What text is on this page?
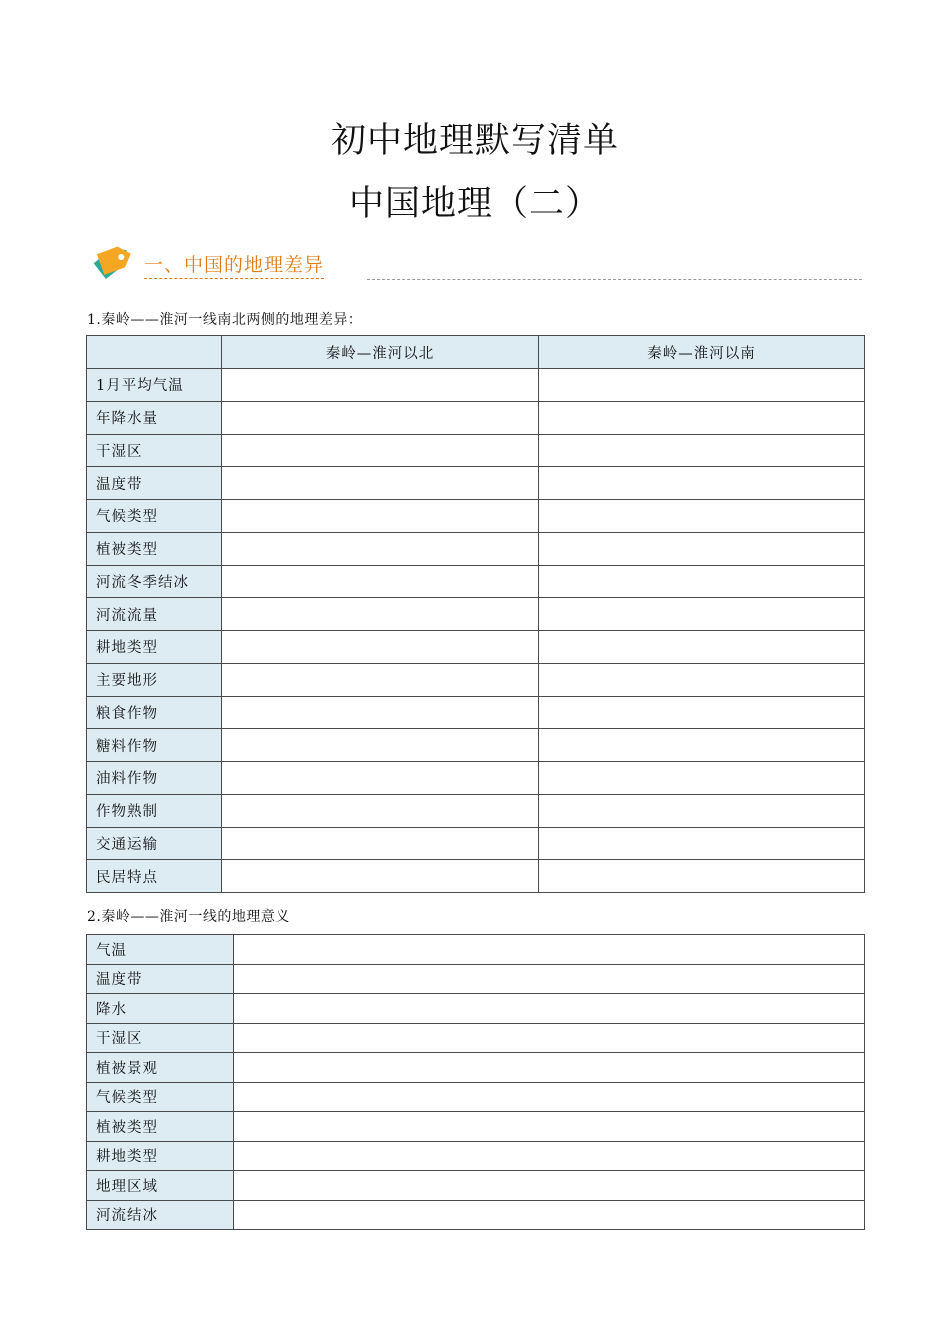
初中地理默写清单
中国地理（二）
一、中国的地理差异
1.秦岭——淮河一线南北两侧的地理差异：
	秦岭—淮河以北	秦岭—淮河以南
1月平均气温		
年降水量		
干湿区		
温度带		
气候类型		
植被类型		
河流冬季结冰		
河流流量		
耕地类型		
主要地形		
粮食作物		
糖料作物		
油料作物		
作物熟制		
交通运输		
民居特点		
2.秦岭——淮河一线的地理意义
气温	
温度带	
降水	
干湿区	
植被景观	
气候类型	
植被类型	
耕地类型	
地理区域	
河流结冰	
